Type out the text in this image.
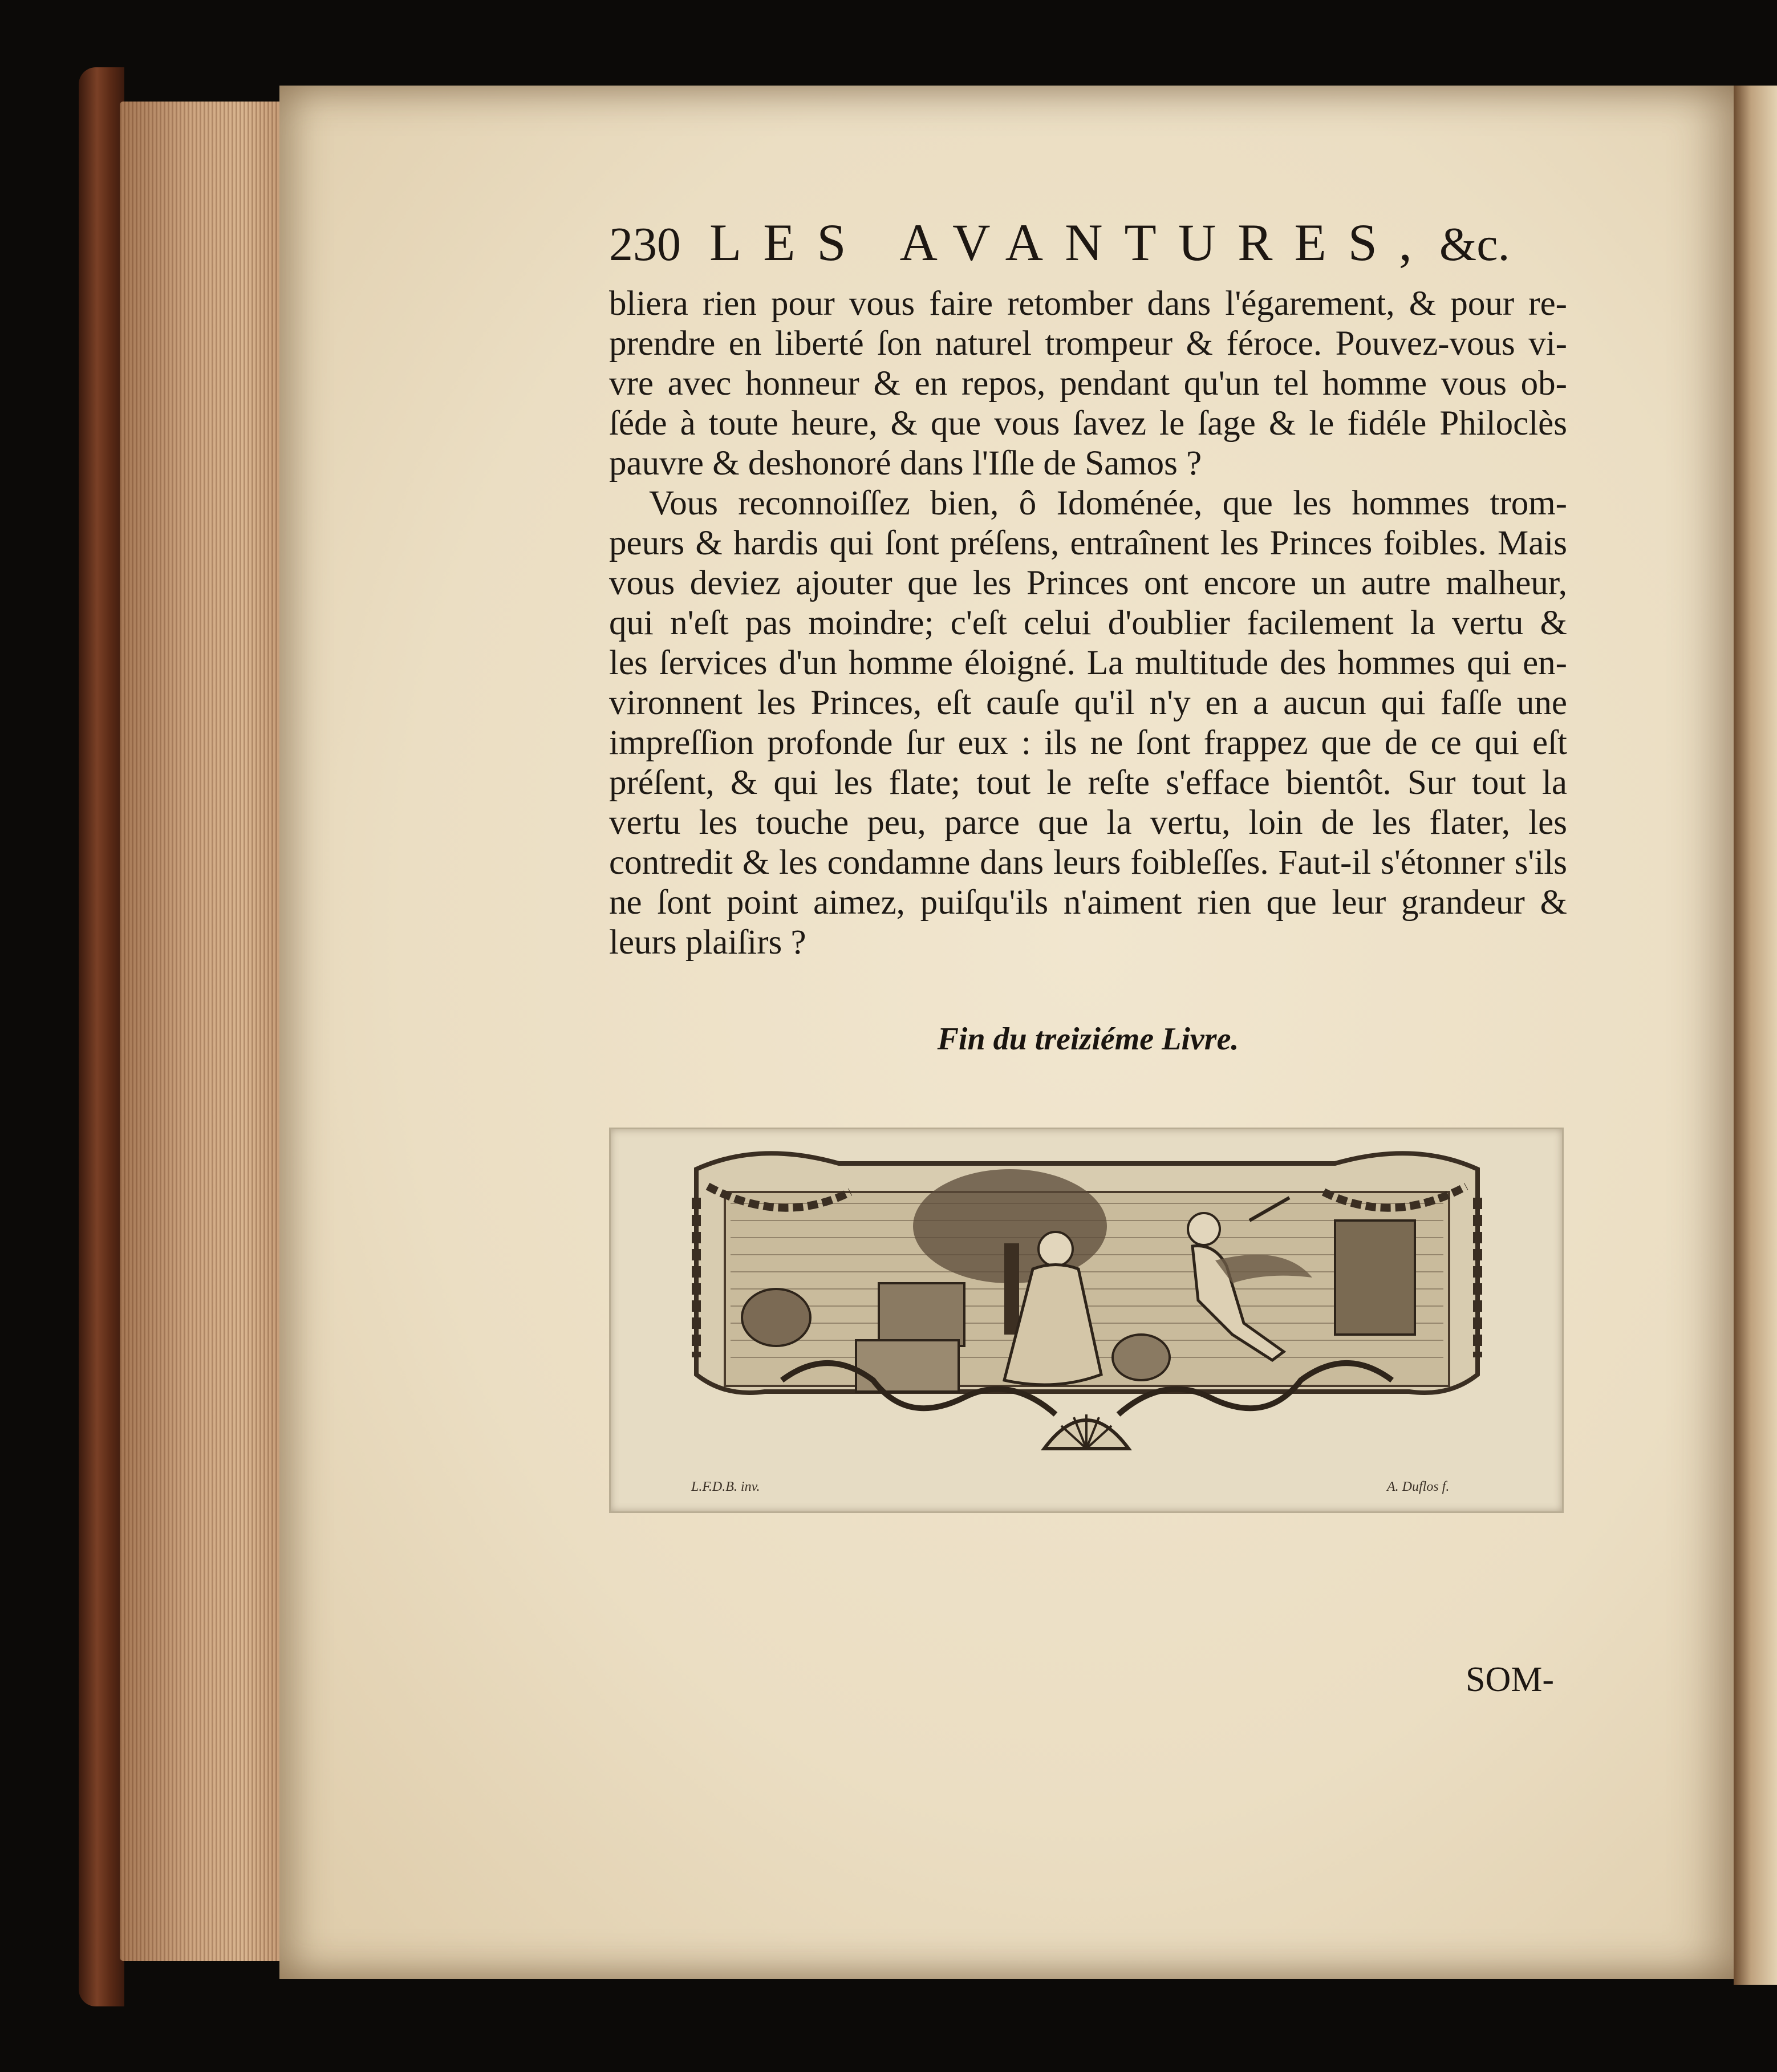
230 LES AVANTURES, &c.
bliera rien pour vous faire retomber dans l'égarement, & pour re-
prendre en liberté ſon naturel trompeur & féroce. Pouvez-vous vi-
vre avec honneur & en repos, pendant qu'un tel homme vous ob-
ſéde à toute heure, & que vous ſavez le ſage & le fidéle Philoclès
pauvre & deshonoré dans l'Iſle de Samos ?
Vous reconnoiſſez bien, ô Idoménée, que les hommes trom-
peurs & hardis qui ſont préſens, entraînent les Princes foibles. Mais
vous deviez ajouter que les Princes ont encore un autre malheur,
qui n'eſt pas moindre; c'eſt celui d'oublier facilement la vertu &
les ſervices d'un homme éloigné. La multitude des hommes qui en-
vironnent les Princes, eſt cauſe qu'il n'y en a aucun qui faſſe une
impreſſion profonde ſur eux : ils ne ſont frappez que de ce qui eſt
préſent, & qui les flate; tout le reſte s'efface bientôt. Sur tout la
vertu les touche peu, parce que la vertu, loin de les flater, les
contredit & les condamne dans leurs foibleſſes. Faut-il s'étonner s'ils
ne ſont point aimez, puiſqu'ils n'aiment rien que leur grandeur &
leurs plaiſirs ?
Fin du treiziéme Livre.
L.F.D.B. inv.	A. Duflos f.
SOM-
